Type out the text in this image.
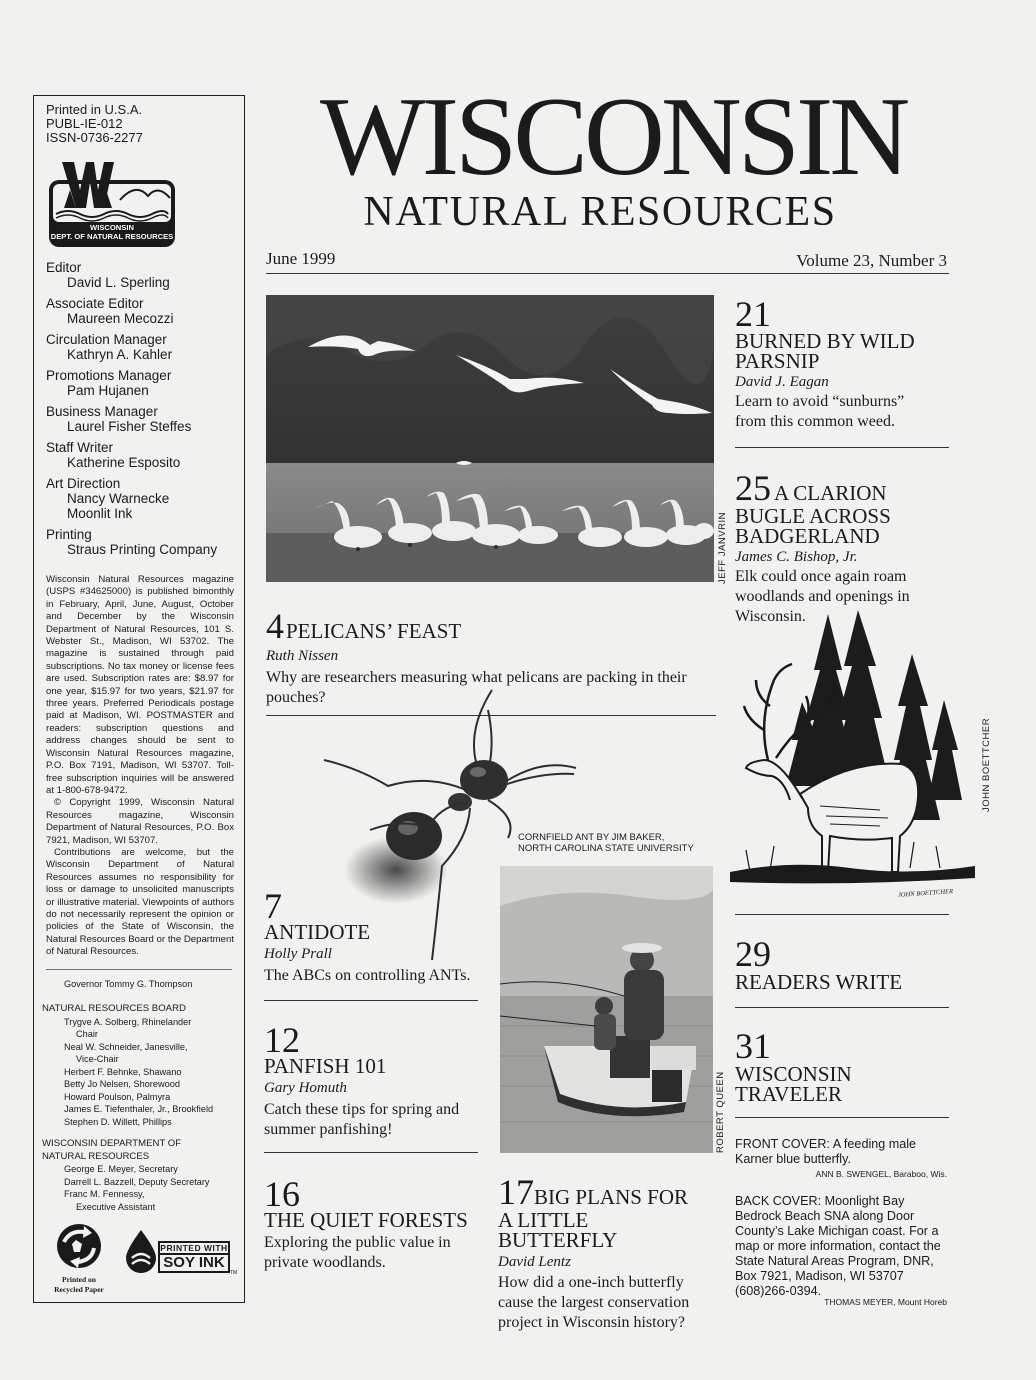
Printed in U.S.A.
PUBL-IE-012
ISSN-0736-2277
WISCONSIN
DEPT. OF NATURAL RESOURCES
Editor
David L. Sperling
Associate Editor
Maureen Mecozzi
Circulation Manager
Kathryn A. Kahler
Promotions Manager
Pam Hujanen
Business Manager
Laurel Fisher Steffes
Staff Writer
Katherine Esposito
Art Direction
Nancy Warnecke
Moonlit Ink
Printing
Straus Printing Company

Wisconsin Natural Resources magazine (USPS #34625000) is published bimonthly in February, April, June, August, October and December by the Wisconsin Department of Natural Resources, 101 S. Webster St., Madison, WI 53702. The magazine is sustained through paid subscriptions. No tax money or license fees are used. Subscription rates are: $8.97 for one year, $15.97 for two years, $21.97 for three years. Preferred Periodicals postage paid at Madison, WI. POSTMASTER and readers: subscription questions and address changes should be sent to Wisconsin Natural Resources magazine, P.O. Box 7191, Madison, WI 53707. Toll-free subscription inquiries will be answered at 1-800-678-9472.

© Copyright 1999, Wisconsin Natural Resources magazine, Wisconsin Department of Natural Resources, P.O. Box 7921, Madison, WI 53707.

Contributions are welcome, but the Wisconsin Department of Natural Resources assumes no responsibility for loss or damage to unsolicited manuscripts or illustrative material. Viewpoints of authors do not necessarily represent the opinion or policies of the State of Wisconsin, the Natural Resources Board or the Department of Natural Resources.

Governor Tommy G. Thompson
NATURAL RESOURCES BOARD
Trygve A. Solberg, Rhinelander
Chair
Neal W. Schneider, Janesville,
Vice-Chair
Herbert F. Behnke, Shawano
Betty Jo Nelsen, Shorewood
Howard Poulson, Palmyra
James E. Tiefenthaler, Jr., Brookfield
Stephen D. Willett, Phillips
WISCONSIN DEPARTMENT OF
NATURAL RESOURCES
George E. Meyer, Secretary
Darrell L. Bazzell, Deputy Secretary
Franc M. Fennessy,
Executive Assistant
Printed on
Recycled Paper
PRINTED WITH
SOY INK
TM
WISCONSIN
NATURAL RESOURCES
June 1999	Volume 23, Number 3
JEFF JANVRIN
4PELICANS’ FEAST
Ruth Nissen
Why are researchers measuring what pelicans are packing in their pouches?
CORNFIELD ANT BY JIM BAKER,
NORTH CAROLINA STATE UNIVERSITY
7
ANTIDOTE
Holly Prall
The ABCs on controlling ANTs.
12
PANFISH 101
Gary Homuth
Catch these tips for spring and
summer panfishing!
16
THE QUIET FORESTS
Exploring the public value in
private woodlands.
ROBERT QUEEN
17BIG PLANS FOR
A LITTLE BUTTERFLY
David Lentz
How did a one-inch butterfly
cause the largest conservation
project in Wisconsin history?
21
BURNED BY WILD
PARSNIP
David J. Eagan
Learn to avoid “sunburns”
from this common weed.
25 A CLARION
BUGLE ACROSS
BADGERLAND
James C. Bishop, Jr.
Elk could once again roam
woodlands and openings in
Wisconsin.
JOHN BOETTCHER
JOHN BOETTCHER
29
READERS WRITE
31
WISCONSIN
TRAVELER
FRONT COVER: A feeding male
Karner blue butterfly.
ANN B. SWENGEL, Baraboo, Wis.
BACK COVER: Moonlight Bay
Bedrock Beach SNA along Door
County’s Lake Michigan coast. For a
map or more information, contact the
State Natural Areas Program, DNR,
Box 7921, Madison, WI 53707
(608)266-0394.
THOMAS MEYER, Mount Horeb
